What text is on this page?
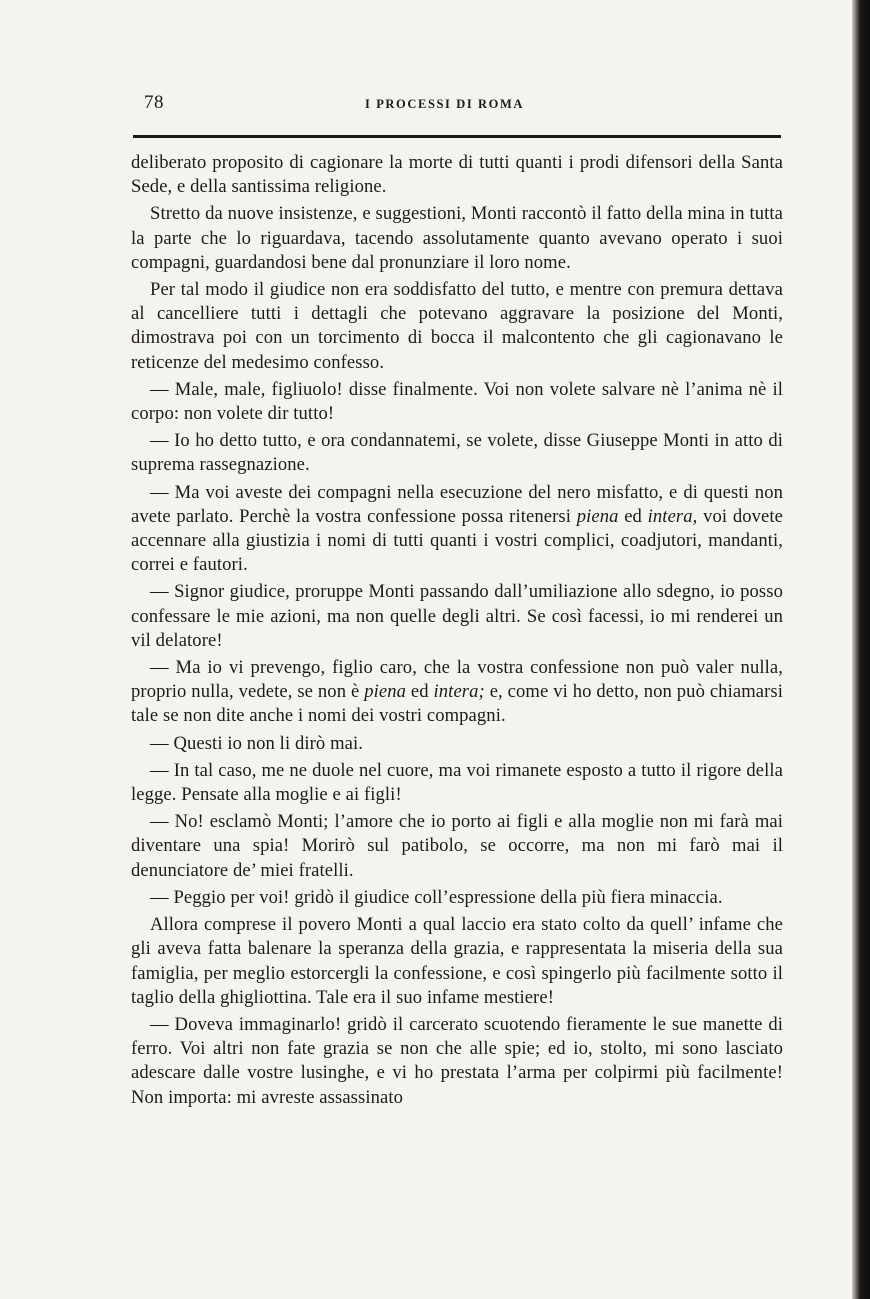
78	I PROCESSI DI ROMA

deliberato proposito di cagionare la morte di tutti quanti i prodi difensori della Santa Sede, e della santissima religione.

Stretto da nuove insistenze, e suggestioni, Monti raccontò il fatto della mina in tutta la parte che lo riguardava, tacendo assolutamente quanto avevano operato i suoi compagni, guardandosi bene dal pronunziare il loro nome.

Per tal modo il giudice non era soddisfatto del tutto, e mentre con premura dettava al cancelliere tutti i dettagli che potevano aggravare la posizione del Monti, dimostrava poi con un torcimento di bocca il malcontento che gli cagionavano le reticenze del medesimo confesso.

— Male, male, figliuolo! disse finalmente. Voi non volete salvare nè l’anima nè il corpo: non volete dir tutto!

— Io ho detto tutto, e ora condannatemi, se volete, disse Giuseppe Monti in atto di suprema rassegnazione.

— Ma voi aveste dei compagni nella esecuzione del nero misfatto, e di questi non avete parlato. Perchè la vostra confessione possa ritenersi piena ed intera, voi dovete accennare alla giustizia i nomi di tutti quanti i vostri complici, coadjutori, mandanti, correi e fautori.

— Signor giudice, proruppe Monti passando dall’umiliazione allo sdegno, io posso confessare le mie azioni, ma non quelle degli altri. Se così facessi, io mi renderei un vil delatore!

— Ma io vi prevengo, figlio caro, che la vostra confessione non può valer nulla, proprio nulla, vedete, se non è piena ed intera; e, come vi ho detto, non può chiamarsi tale se non dite anche i nomi dei vostri compagni.

— Questi io non li dirò mai.

— In tal caso, me ne duole nel cuore, ma voi rimanete esposto a tutto il rigore della legge. Pensate alla moglie e ai figli!

— No! esclamò Monti; l’amore che io porto ai figli e alla moglie non mi farà mai diventare una spia! Morirò sul patibolo, se occorre, ma non mi farò mai il denunciatore de’ miei fratelli.

— Peggio per voi! gridò il giudice coll’espressione della più fiera minaccia.

Allora comprese il povero Monti a qual laccio era stato colto da quell’ infame che gli aveva fatta balenare la speranza della grazia, e rappresentata la miseria della sua famiglia, per meglio estorcergli la confessione, e così spingerlo più facilmente sotto il taglio della ghigliottina. Tale era il suo infame mestiere!

— Doveva immaginarlo! gridò il carcerato scuotendo fieramente le sue manette di ferro. Voi altri non fate grazia se non che alle spie; ed io, stolto, mi sono lasciato adescare dalle vostre lusinghe, e vi ho prestata l’arma per colpirmi più facilmente! Non importa: mi avreste assassinato
